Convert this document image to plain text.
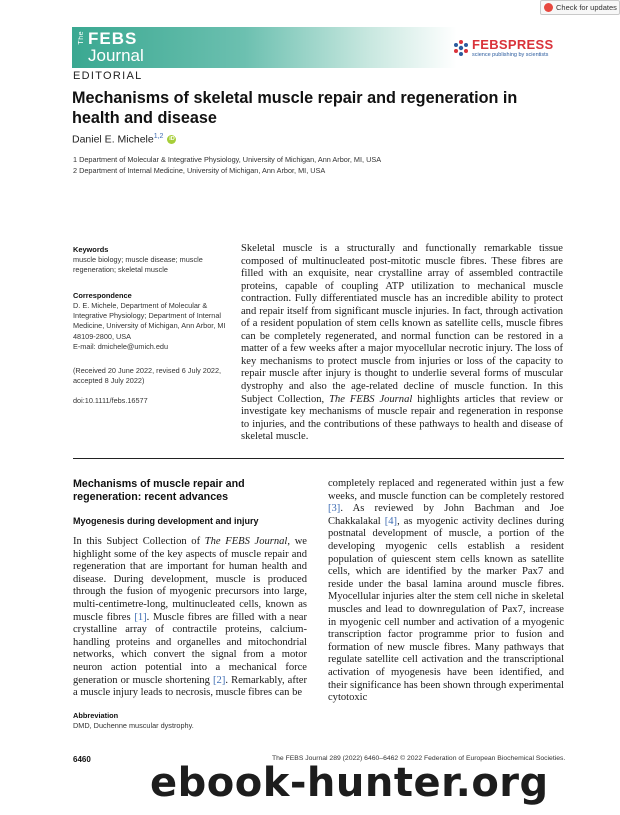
Check for updates
The FEBS
Journal
FEBSPRESS
science publishing by scientists
EDITORIAL
Mechanisms of skeletal muscle repair and regeneration in health and disease
Daniel E. Michele$^{1,2}$ iD
1 Department of Molecular & Integrative Physiology, University of Michigan, Ann Arbor, MI, USA
2 Department of Internal Medicine, University of Michigan, Ann Arbor, MI, USA
Keywords
muscle biology; muscle disease; muscle regeneration; skeletal muscle
Correspondence
D. E. Michele, Department of Molecular & Integrative Physiology; Department of Internal Medicine, University of Michigan, Ann Arbor, MI 48109-2800, USA
E-mail: dmichele@umich.edu
(Received 20 June 2022, revised 6 July 2022, accepted 8 July 2022)
doi:10.1111/febs.16577
Skeletal muscle is a structurally and functionally remarkable tissue composed of multinucleated post-mitotic muscle fibres. These fibres are filled with an exquisite, near crystalline array of assembled contractile proteins, capable of coupling ATP utilization to mechanical muscle contraction. Fully differentiated muscle has an incredible ability to protect and repair itself from significant muscle injuries. In fact, through activation of a resident population of stem cells known as satellite cells, muscle fibres can be completely regenerated, and normal function can be restored in a matter of a few weeks after a major myocellular necrotic injury. The loss of key mechanisms to protect muscle from injuries or loss of the capacity to repair muscle after injury is thought to underlie several forms of muscular dystrophy and also the age-related decline of muscle function. In this Subject Collection, The FEBS Journal highlights articles that review or investigate key mechanisms of muscle repair and regeneration in response to injuries, and the contributions of these pathways to health and disease of skeletal muscle.
Mechanisms of muscle repair and regeneration: recent advances
Myogenesis during development and injury
In this Subject Collection of The FEBS Journal, we highlight some of the key aspects of muscle repair and regeneration that are important for human health and disease. During development, muscle is produced through the fusion of myogenic precursors into large, multi-centimetre-long, multinucleated cells, known as muscle fibres [1]. Muscle fibres are filled with a near crystalline array of contractile proteins, calcium-handling proteins and organelles and mitochondrial networks, which convert the signal from a motor neuron action potential into a mechanical force generation or muscle shortening [2]. Remarkably, after a muscle injury leads to necrosis, muscle fibres can be
completely replaced and regenerated within just a few weeks, and muscle function can be completely restored [3]. As reviewed by John Bachman and Joe Chakkalakal [4], as myogenic activity declines during postnatal development of muscle, a portion of the developing myogenic cells establish a resident population of quiescent stem cells known as satellite cells, which are identified by the marker Pax7 and reside under the basal lamina around muscle fibres. Myocellular injuries alter the stem cell niche in skeletal muscles and lead to downregulation of Pax7, increase in myogenic cell number and activation of a myogenic transcription factor programme prior to fusion and formation of new muscle fibres. Many pathways that regulate satellite cell activation and the transcriptional activation of myogenesis have been identified, and their significance has been shown through experimental cytotoxic
Abbreviation
DMD, Duchenne muscular dystrophy.
6460	The FEBS Journal 289 (2022) 6460–6462 © 2022 Federation of European Biochemical Societies.
ebook-hunter.org
